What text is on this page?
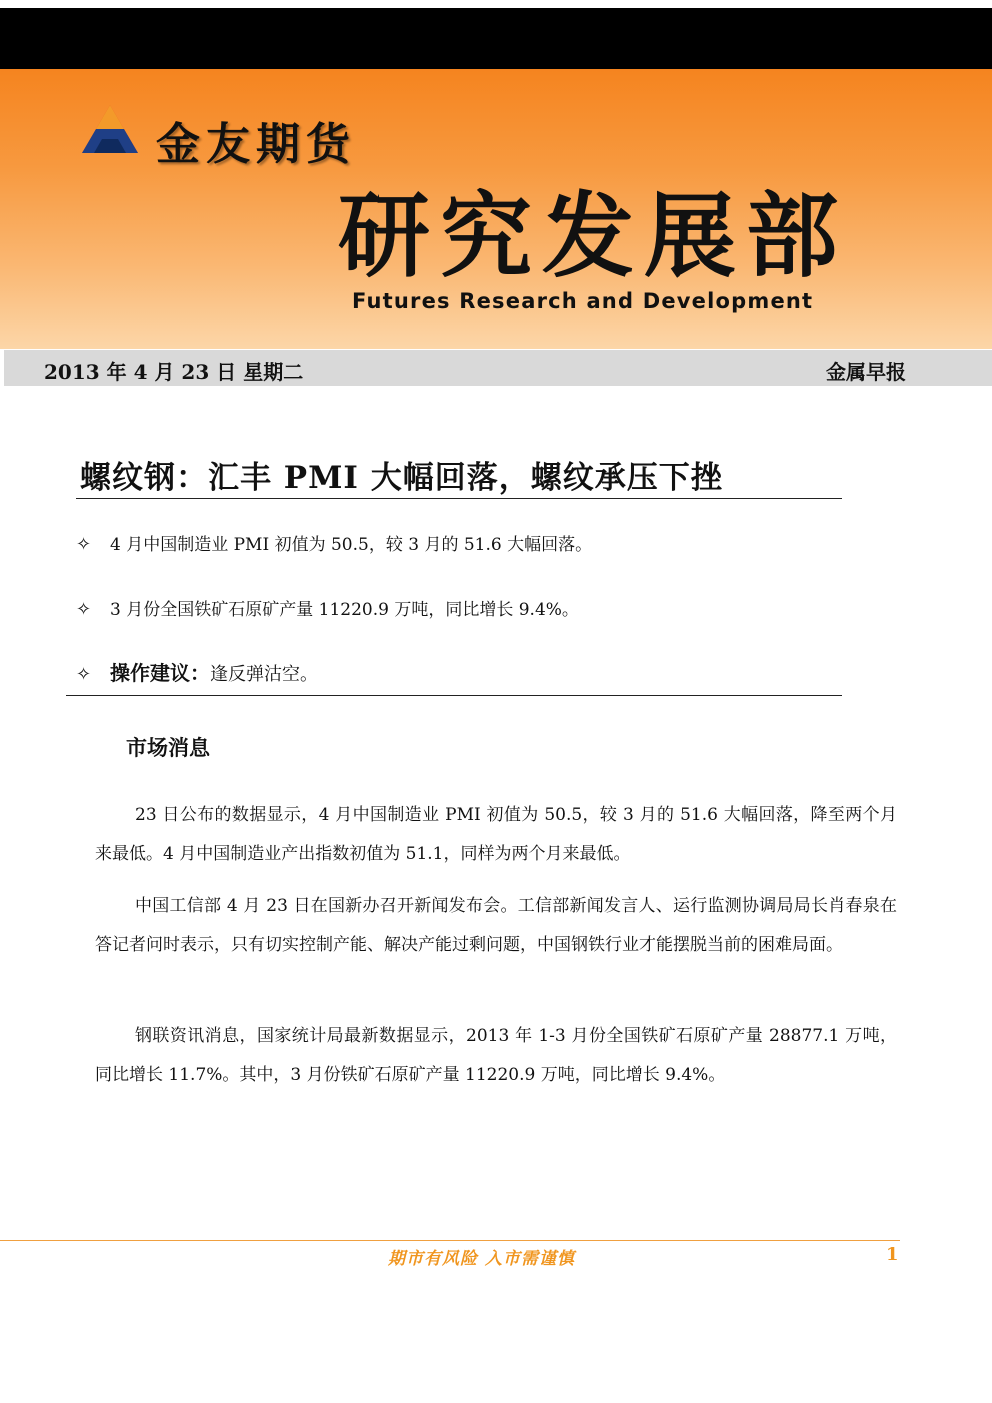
金友期货
研究发展部
Futures Research and Development
2013 年 4 月 23 日 星期二	金属早报
螺纹钢：汇丰 PMI 大幅回落，螺纹承压下挫
✧ 4 月中国制造业 PMI 初值为 50.5，较 3 月的 51.6 大幅回落。
✧ 3 月份全国铁矿石原矿产量 11220.9 万吨，同比增长 9.4%。
✧ 操作建议：逢反弹沽空。
市场消息

23 日公布的数据显示，4 月中国制造业 PMI 初值为 50.5，较 3 月的 51.6 大幅回落，降至两个月来最低。4 月中国制造业产出指数初值为 51.1，同样为两个月来最低。

中国工信部 4 月 23 日在国新办召开新闻发布会。工信部新闻发言人、运行监测协调局局长肖春泉在答记者问时表示，只有切实控制产能、解决产能过剩问题，中国钢铁行业才能摆脱当前的困难局面。

钢联资讯消息，国家统计局最新数据显示，2013 年 1-3 月份全国铁矿石原矿产量 28877.1 万吨，同比增长 11.7%。其中，3 月份铁矿石原矿产量 11220.9 万吨，同比增长 9.4%。

期市有风险 入市需谨慎	1
